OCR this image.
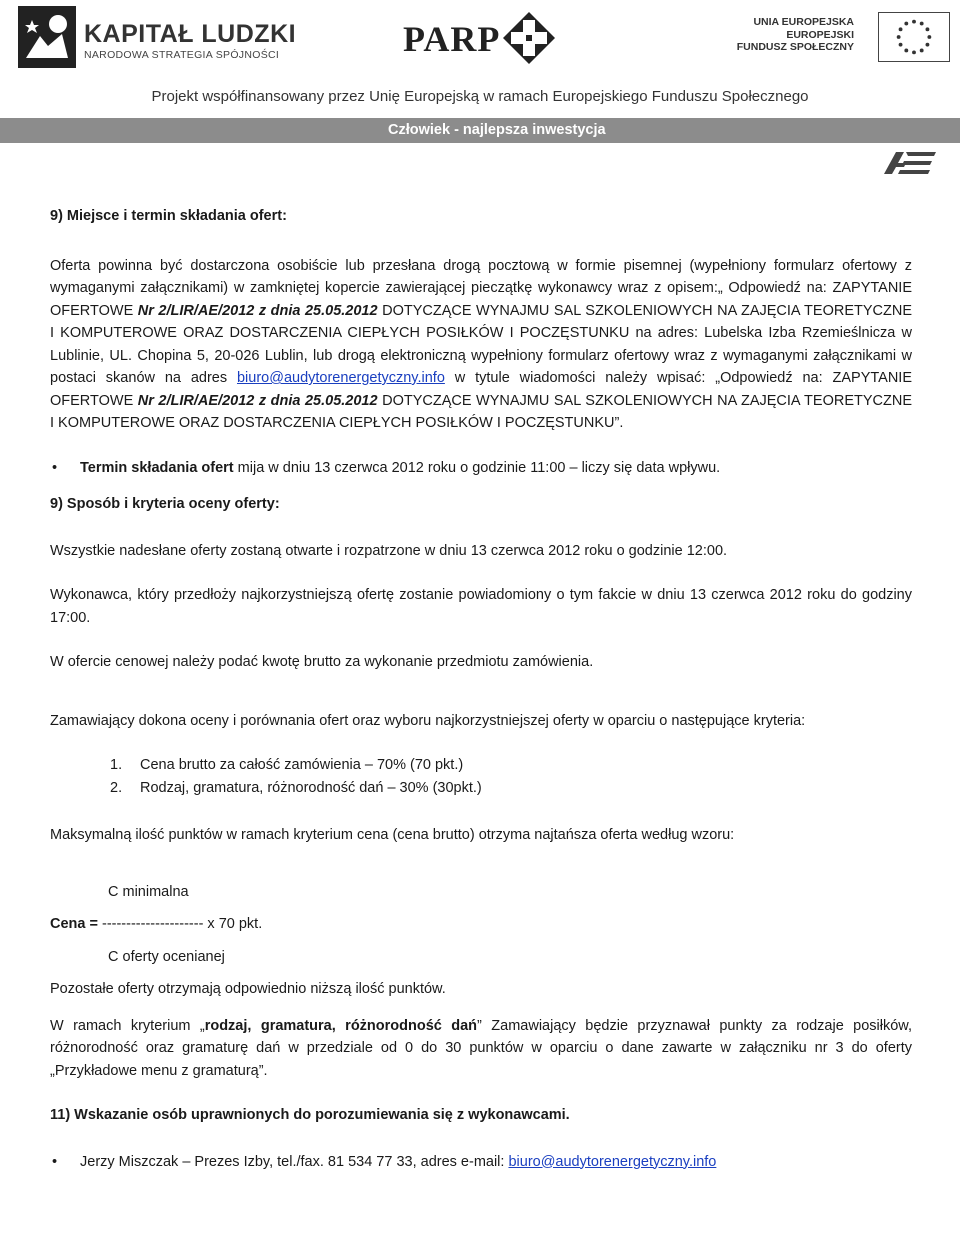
KAPITAŁ LUDZKI
NARODOWA STRATEGIA SPÓJNOŚCI	PARP	UNIA EUROPEJSKA
EUROPEJSKI
FUNDUSZ SPOŁECZNY
Projekt współfinansowany przez Unię Europejską w ramach Europejskiego Funduszu Społecznego
Człowiek - najlepsza inwestycja

9) Miejsce i termin składania ofert:

Oferta powinna być dostarczona osobiście lub przesłana drogą pocztową w formie pisemnej (wypełniony formularz ofertowy z wymaganymi załącznikami) w zamkniętej kopercie zawierającej pieczątkę wykonawcy wraz z opisem:„ Odpowiedź na: ZAPYTANIE OFERTOWE Nr 2/LIR/AE/2012 z dnia 25.05.2012 DOTYCZĄCE WYNAJMU SAL SZKOLENIOWYCH NA ZAJĘCIA TEORETYCZNE I KOMPUTEROWE ORAZ DOSTARCZENIA CIEPŁYCH POSIŁKÓW I POCZĘSTUNKU na adres: Lubelska Izba Rzemieślnicza w Lublinie, UL. Chopina 5, 20-026 Lublin, lub drogą elektroniczną wypełniony formularz ofertowy wraz z wymaganymi załącznikami w postaci skanów na adres biuro@audytorenergetyczny.info w tytule wiadomości należy wpisać: „Odpowiedź na: ZAPYTANIE OFERTOWE Nr 2/LIR/AE/2012 z dnia 25.05.2012 DOTYCZĄCE WYNAJMU SAL SZKOLENIOWYCH NA ZAJĘCIA TEORETYCZNE I KOMPUTEROWE ORAZ DOSTARCZENIA CIEPŁYCH POSIŁKÓW I POCZĘSTUNKU”.

• Termin składania ofert mija w dniu 13 czerwca 2012 roku o godzinie 11:00 – liczy się data wpływu.

9) Sposób i kryteria oceny oferty:

Wszystkie nadesłane oferty zostaną otwarte i rozpatrzone w dniu 13 czerwca 2012 roku o godzinie 12:00.

Wykonawca, który przedłoży najkorzystniejszą ofertę zostanie powiadomiony o tym fakcie w dniu 13 czerwca 2012 roku do godziny 17:00.

W ofercie cenowej należy podać kwotę brutto za wykonanie przedmiotu zamówienia.

Zamawiający dokona oceny i porównania ofert oraz wyboru najkorzystniejszej oferty w oparciu o następujące kryteria:

1. Cena brutto za całość zamówienia – 70% (70 pkt.)

2. Rodzaj, gramatura, różnorodność dań – 30% (30pkt.)

Maksymalną ilość punktów w ramach kryterium cena (cena brutto) otrzyma najtańsza oferta według wzoru:

C minimalna

Cena = --------------------- x 70 pkt.

C oferty ocenianej

Pozostałe oferty otrzymają odpowiednio niższą ilość punktów.

W ramach kryterium „rodzaj, gramatura, różnorodność dań” Zamawiający będzie przyznawał punkty za rodzaje posiłków, różnorodność oraz gramaturę dań w przedziale od 0 do 30 punktów w oparciu o dane zawarte w załączniku nr 3 do oferty „Przykładowe menu z gramaturą”.

11) Wskazanie osób uprawnionych do porozumiewania się z wykonawcami.

• Jerzy Miszczak – Prezes Izby, tel./fax. 81 534 77 33, adres e-mail: biuro@audytorenergetyczny.info
